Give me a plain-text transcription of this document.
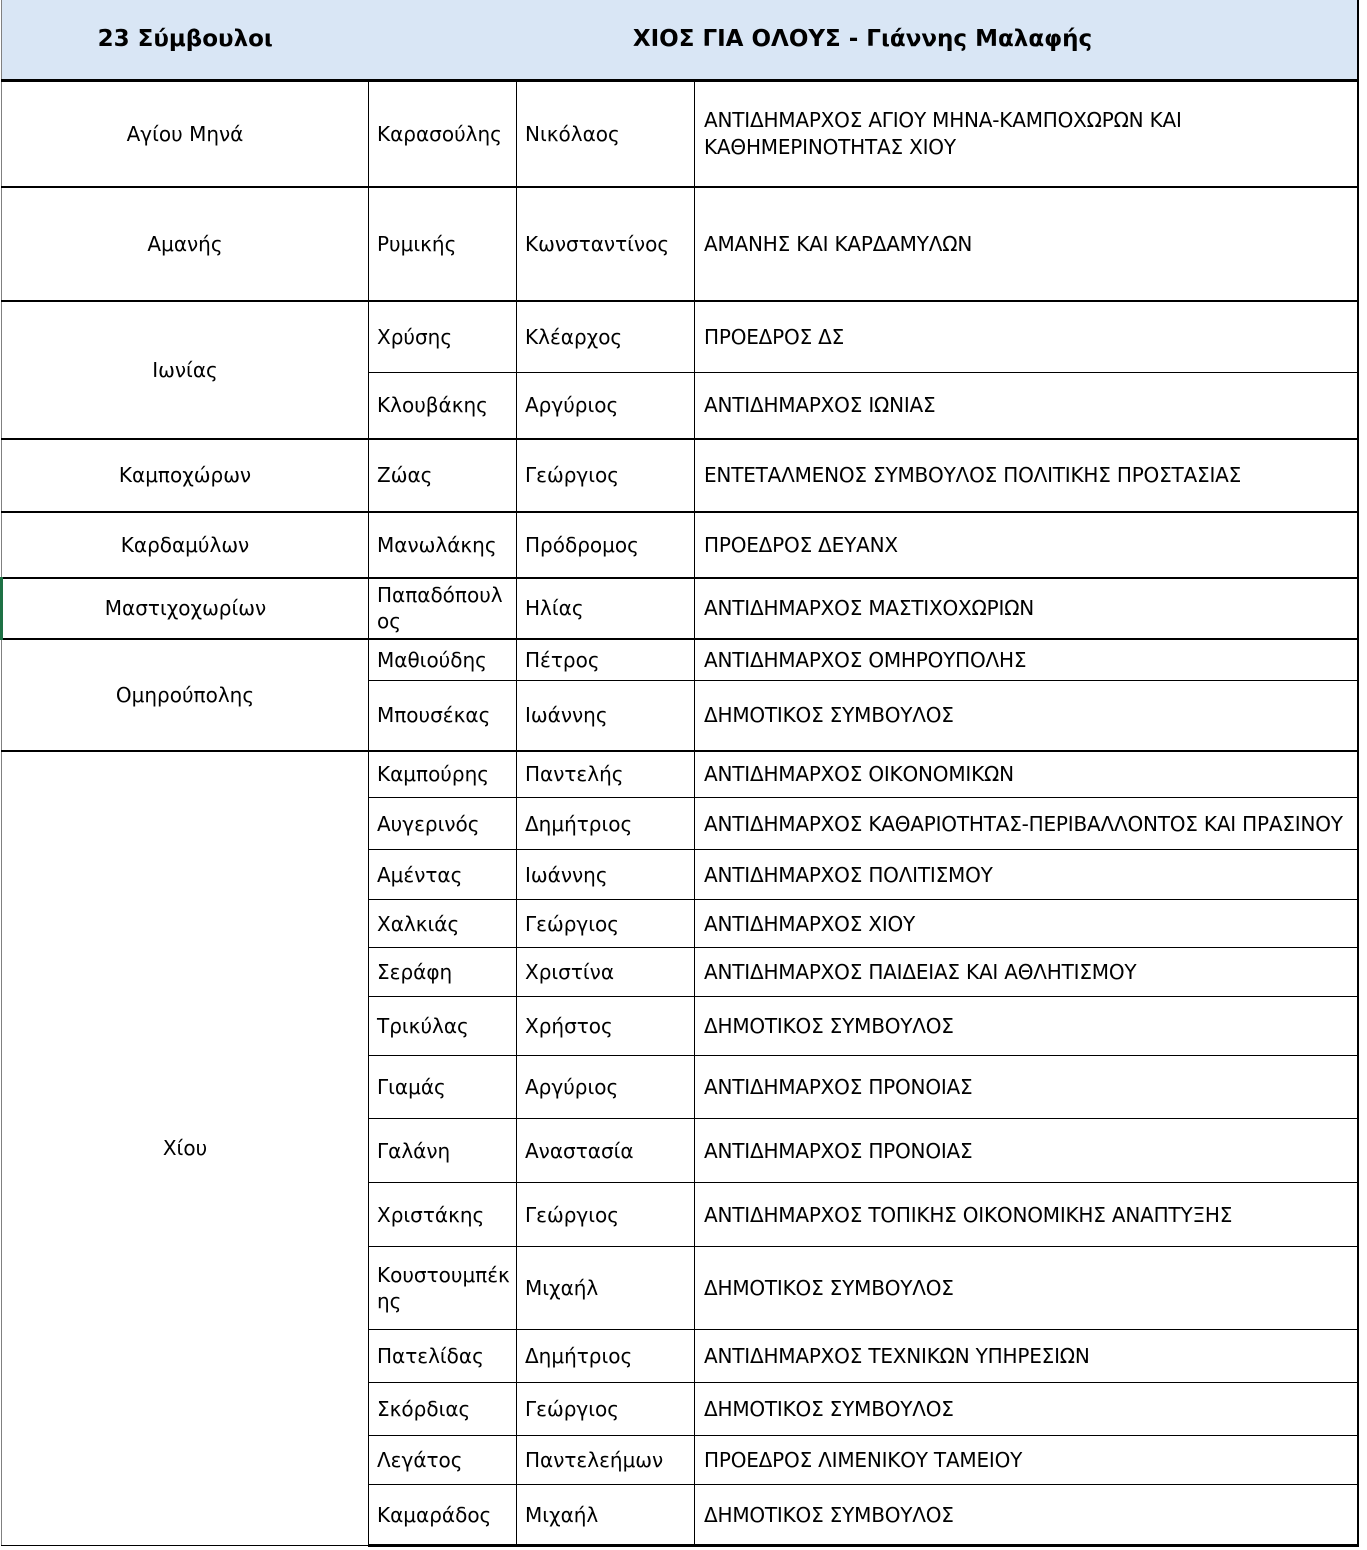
23 Σύμβουλοι	ΧΙΟΣ ΓΙΑ ΟΛΟΥΣ - Γιάννης Μαλαφής		
Αγίου Μηνά	Καρασούλης	Νικόλαος	ΑΝΤΙΔΗΜΑΡΧΟΣ ΑΓΙΟΥ ΜΗΝΑ-ΚΑΜΠΟΧΩΡΩΝ ΚΑΙ ΚΑΘΗΜΕΡΙΝΟΤΗΤΑΣ ΧΙΟΥ
Αμανής	Ρυμικής	Κωνσταντίνος	ΑΜΑΝΗΣ ΚΑΙ ΚΑΡΔΑΜΥΛΩΝ
Ιωνίας	Χρύσης	Κλέαρχος	ΠΡΟΕΔΡΟΣ ΔΣ
	Κλουβάκης	Αργύριος	ΑΝΤΙΔΗΜΑΡΧΟΣ ΙΩΝΙΑΣ
Καμποχώρων	Ζώας	Γεώργιος	ΕΝΤΕΤΑΛΜΕΝΟΣ ΣΥΜΒΟΥΛΟΣ ΠΟΛΙΤΙΚΗΣ ΠΡΟΣΤΑΣΙΑΣ
Καρδαμύλων	Μανωλάκης	Πρόδρομος	ΠΡΟΕΔΡΟΣ ΔΕΥΑΝΧ
Μαστιχοχωρίων	Παπαδόπουλος	Ηλίας	ΑΝΤΙΔΗΜΑΡΧΟΣ ΜΑΣΤΙΧΟΧΩΡΙΩΝ
Ομηρούπολης	Μαθιούδης	Πέτρος	ΑΝΤΙΔΗΜΑΡΧΟΣ ΟΜΗΡΟΥΠΟΛΗΣ
	Μπουσέκας	Ιωάννης	ΔΗΜΟΤΙΚΟΣ ΣΥΜΒΟΥΛΟΣ
Χίου	Καμπούρης	Παντελής	ΑΝΤΙΔΗΜΑΡΧΟΣ ΟΙΚΟΝΟΜΙΚΩΝ
	Αυγερινός	Δημήτριος	ΑΝΤΙΔΗΜΑΡΧΟΣ ΚΑΘΑΡΙΟΤΗΤΑΣ-ΠΕΡΙΒΑΛΛΟΝΤΟΣ ΚΑΙ ΠΡΑΣΙΝΟΥ
	Αμέντας	Ιωάννης	ΑΝΤΙΔΗΜΑΡΧΟΣ ΠΟΛΙΤΙΣΜΟΥ
	Χαλκιάς	Γεώργιος	ΑΝΤΙΔΗΜΑΡΧΟΣ ΧΙΟΥ
	Σεράφη	Χριστίνα	ΑΝΤΙΔΗΜΑΡΧΟΣ ΠΑΙΔΕΙΑΣ ΚΑΙ ΑΘΛΗΤΙΣΜΟΥ
	Τρικύλας	Χρήστος	ΔΗΜΟΤΙΚΟΣ ΣΥΜΒΟΥΛΟΣ
	Γιαμάς	Αργύριος	ΑΝΤΙΔΗΜΑΡΧΟΣ ΠΡΟΝΟΙΑΣ
	Γαλάνη	Αναστασία	ΑΝΤΙΔΗΜΑΡΧΟΣ ΠΡΟΝΟΙΑΣ
	Χριστάκης	Γεώργιος	ΑΝΤΙΔΗΜΑΡΧΟΣ ΤΟΠΙΚΗΣ ΟΙΚΟΝΟΜΙΚΗΣ ΑΝΑΠΤΥΞΗΣ
	Κουστουμπέκης	Μιχαήλ	ΔΗΜΟΤΙΚΟΣ ΣΥΜΒΟΥΛΟΣ
	Πατελίδας	Δημήτριος	ΑΝΤΙΔΗΜΑΡΧΟΣ ΤΕΧΝΙΚΩΝ ΥΠΗΡΕΣΙΩΝ
	Σκόρδιας	Γεώργιος	ΔΗΜΟΤΙΚΟΣ ΣΥΜΒΟΥΛΟΣ
	Λεγάτος	Παντελεήμων	ΠΡΟΕΔΡΟΣ ΛΙΜΕΝΙΚΟΥ ΤΑΜΕΙΟΥ
	Καμαράδος	Μιχαήλ	ΔΗΜΟΤΙΚΟΣ ΣΥΜΒΟΥΛΟΣ
